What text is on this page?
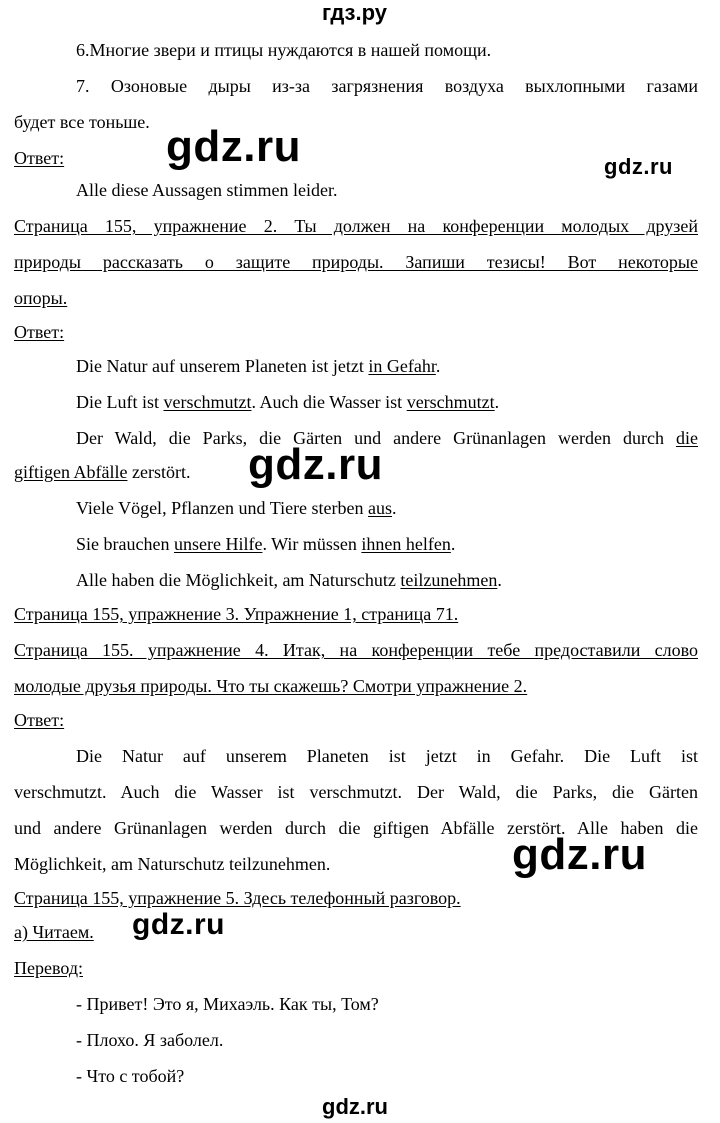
гдз.ру
6.Многие звери и птицы нуждаются в нашей помощи.
7. Озоновые дыры из-за загрязнения воздуха выхлопными газами
будет все тоньше.
Ответ:
Alle diese Aussagen stimmen leider.
Страница 155, упражнение 2. Ты должен на конференции молодых друзей
природы рассказать о защите природы. Запиши тезисы! Вот некоторые
опоры.
Ответ:
Die Natur auf unserem Planeten ist jetzt in Gefahr.
Die Luft ist verschmutzt. Auch die Wasser ist verschmutzt.
Der Wald, die Parks, die Gärten und andere Grünanlagen werden durch die
giftigen Abfälle zerstört.
Viele Vögel, Pflanzen und Tiere sterben aus.
Sie brauchen unsere Hilfe. Wir müssen ihnen helfen.
Alle haben die Möglichkeit, am Naturschutz teilzunehmen.
Страница 155, упражнение 3. Упражнение 1, страница 71.
Страница 155. упражнение 4. Итак, на конференции тебе предоставили слово
молодые друзья природы. Что ты скажешь? Смотри упражнение 2.
Ответ:
Die Natur auf unserem Planeten ist jetzt in Gefahr. Die Luft ist
verschmutzt. Auch die Wasser ist verschmutzt. Der Wald, die Parks, die Gärten
und andere Grünanlagen werden durch die giftigen Abfälle zerstört. Alle haben die
Möglichkeit, am Naturschutz teilzunehmen.
Страница 155, упражнение 5. Здесь телефонный разговор.
а) Читаем.
Перевод:
- Привет! Это я, Михаэль. Как ты, Том?
- Плохо. Я заболел.
- Что с тобой?
gdz.ru	gdz.ru
gdz.ru
gdz.ru
gdz.ru
gdz.ru
